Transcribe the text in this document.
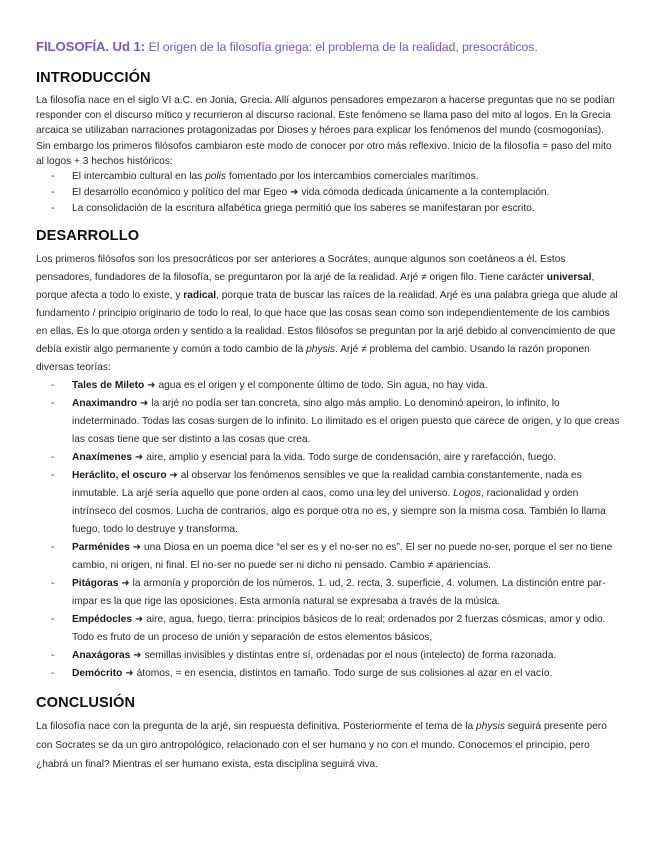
FILOSOFÍA. Ud 1: El origen de la filosofía griega: el problema de la realidad, presocráticos.
INTRODUCCIÓN

La filosofía nace en el siglo VI a.C. en Jonia, Grecia. Allí algunos pensadores empezaron a hacerse preguntas que no se podían responder con el discurso mítico y recurrieron al discurso racional. Este fenómeno se llama paso del mito al logos. En la Grecia arcaica se utilizaban narraciones protagonizadas por Dioses y héroes para explicar los fenómenos del mundo (cosmogonías). Sin embargo los primeros filósofos cambiaron este modo de conocer por otro más reflexivo. Inicio de la filosofía = paso del mito al logos + 3 hechos históricos:

- El intercambio cultural en las polis fomentado por los intercambios comerciales marítimos.
- El desarrollo económico y político del mar Egeo ➜ vida cómoda dedicada únicamente a la contemplación.
- La consolidación de la escritura alfabética griega permitió que los saberes se manifestaran por escrito.
DESARROLLO

Los primeros filósofos son los presocráticos por ser anteriores a Socrátes, aunque algunos son coetáneos a él. Estos pensadores, fundadores de la filosofía, se preguntaron por la arjé de la realidad. Arjé ≠ origen filo. Tiene carácter universal, porque afecta a todo lo existe, y radical, porque trata de buscar las raíces de la realidad. Arjé es una palabra griega que alude al fundamento / principio originario de todo lo real, lo que hace que las cosas sean como son independientemente de los cambios en ellas. Es lo que otorga orden y sentido a la realidad. Estos filósofos se preguntan por la arjé debido al convencimiento de que debía existir algo permanente y común a todo cambio de la physis. Arjé ≠ problema del cambio. Usando la razón proponen diversas teorías:

- Tales de Mileto ➜ agua es el origen y el componente último de todo. Sin agua, no hay vida.
- Anaximandro ➜ la arjé no podía ser tan concreta, sino algo más amplio. Lo denominó apeiron, lo infinito, lo indeterminado. Todas las cosas surgen de lo infinito. Lo ilimitado es el origen puesto que carece de origen, y lo que creas las cosas tiene que ser distinto a las cosas que crea.
- Anaxímenes ➜ aire, amplio y esencial para la vida. Todo surge de condensación, aire y rarefacción, fuego.
- Heráclito, el oscuro ➜ al observar los fenómenos sensibles ve que la realidad cambia constantemente, nada es inmutable. La arjé sería aquello que pone orden al caos, como una ley del universo. Logos, racionalidad y orden intrínseco del cosmos. Lucha de contrarios, algo es porque otra no es, y siempre son la misma cosa. También lo llama fuego, todo lo destruye y transforma.
- Parménides ➜ una Diosa en un poema dice “el ser es y el no-ser no es”. El ser no puede no-ser, porque el ser no tiene cambio, ni origen, ni final. El no-ser no puede ser ni dicho ni pensado. Cambio ≠ apariencias.
- Pitágoras ➜ la armonía y proporción de los números. 1. ud, 2. recta, 3. superficie, 4. volumen. La distinción entre par-impar es la que rige las oposiciones. Esta armonía natural se expresaba a través de la música.
- Empédocles ➜ aire, agua, fuego, tierra: principios básicos de lo real; ordenados por 2 fuerzas cósmicas, amor y odio. Todo es fruto de un proceso de unión y separación de estos elementos básicos,
- Anaxágoras ➜ semillas invisibles y distintas entre sí, ordenadas por el nous (intelecto) de forma razonada.
- Demócrito ➜ átomos, = en esencia, distintos en tamaño. Todo surge de sus colisiones al azar en el vacío.
CONCLUSIÓN

La filosofía nace con la pregunta de la arjé, sin respuesta definitiva. Posteriormente el tema de la physis seguirá presente pero con Socrates se da un giro antropológico, relacionado con el ser humano y no con el mundo. Conocemos el principio, pero ¿habrá un final? Mientras el ser humano exista, esta disciplina seguirá viva.
